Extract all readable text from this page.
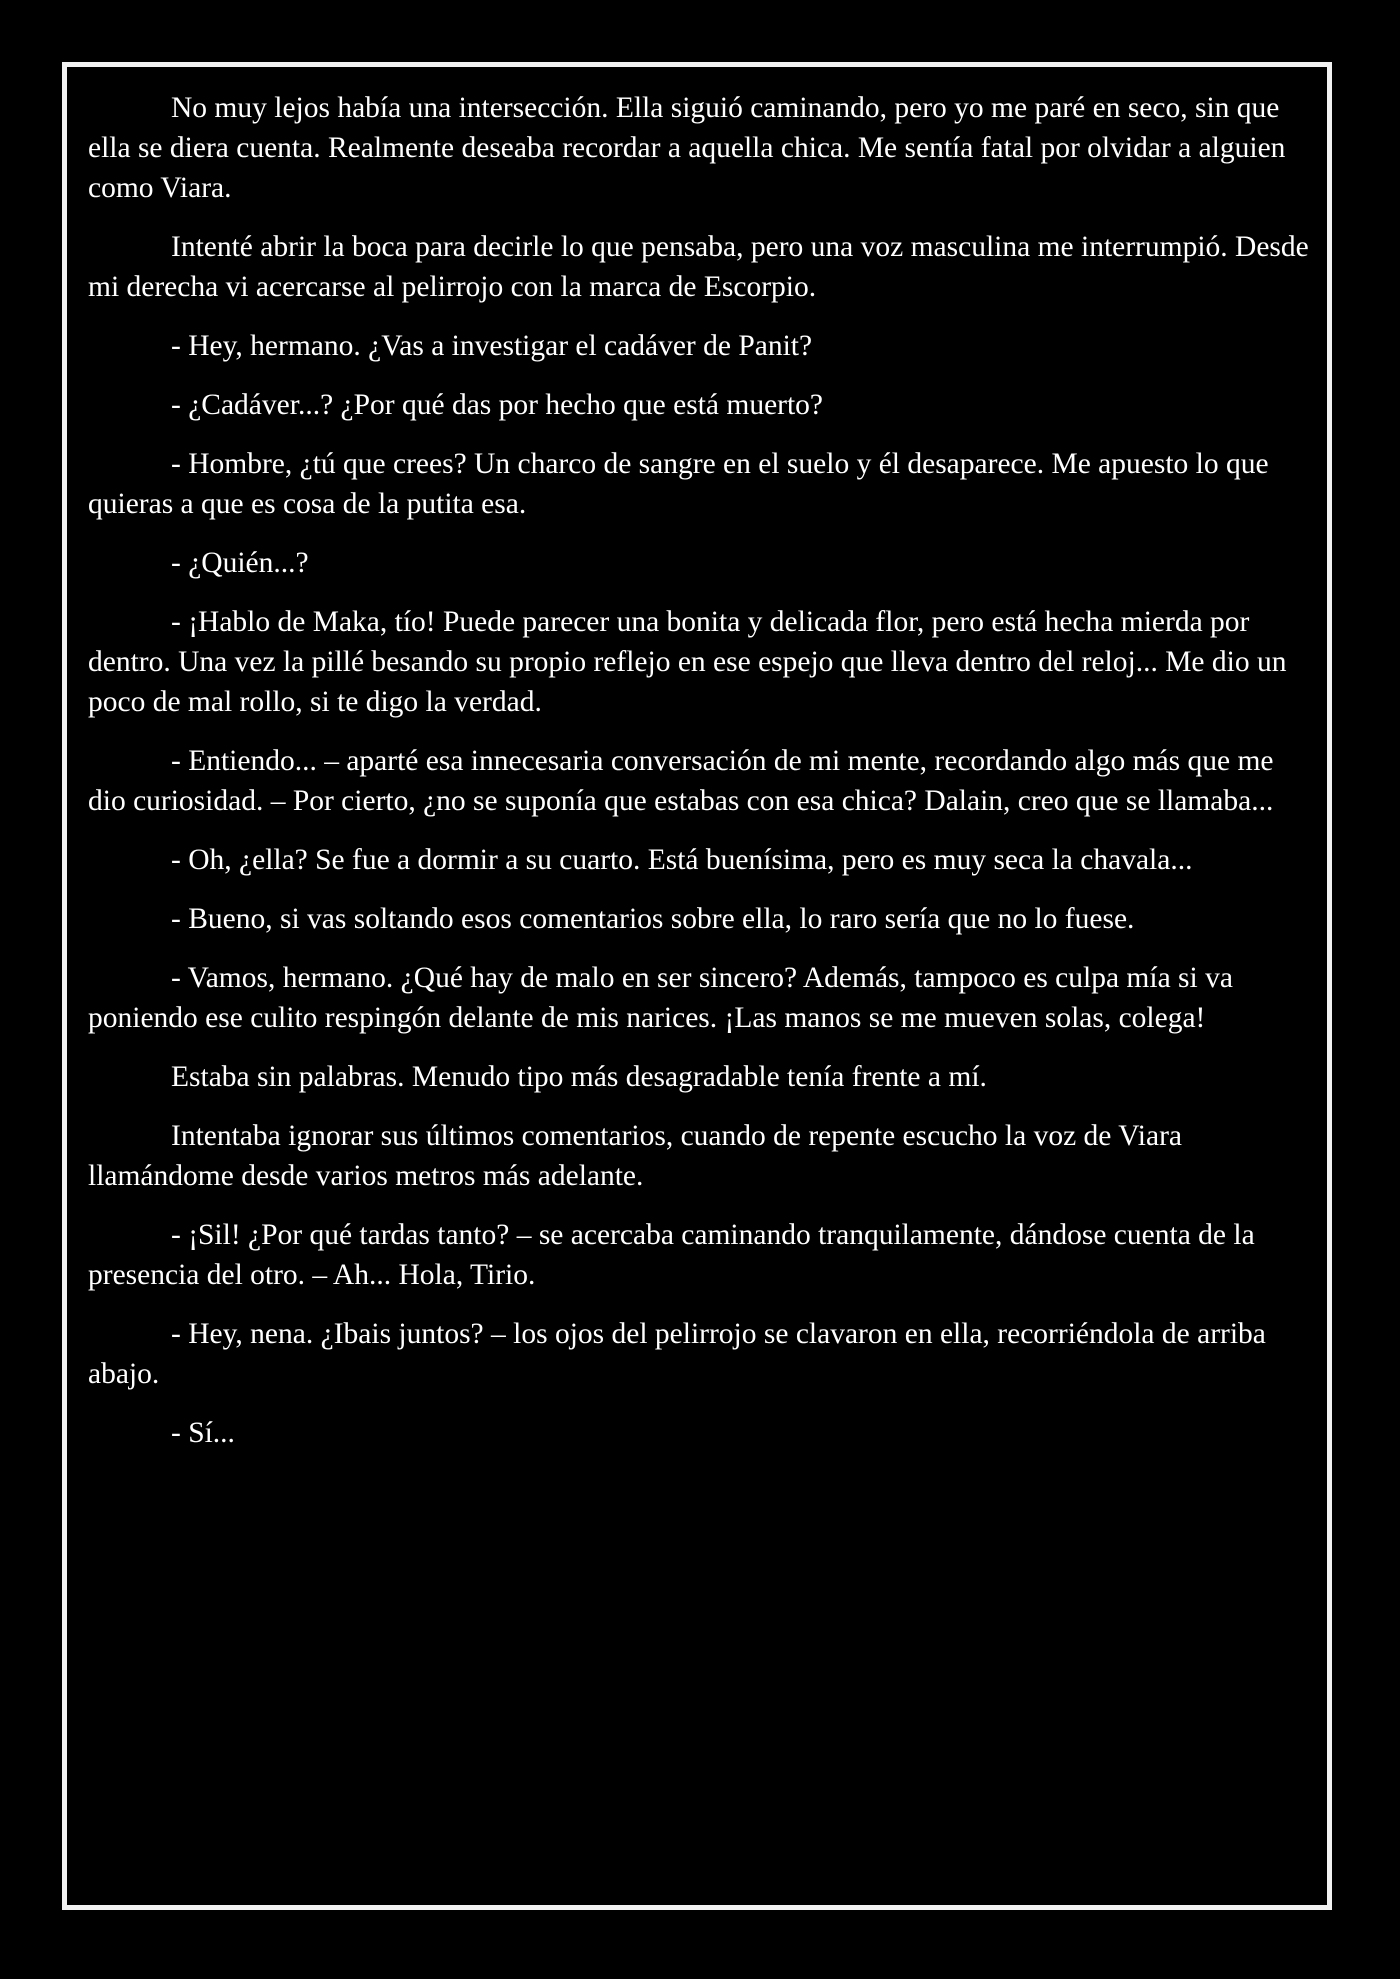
No muy lejos había una intersección. Ella siguió caminando, pero yo me paré en seco, sin que ella se diera cuenta. Realmente deseaba recordar a aquella chica. Me sentía fatal por olvidar a alguien como Viara.

Intenté abrir la boca para decirle lo que pensaba, pero una voz masculina me interrumpió. Desde mi derecha vi acercarse al pelirrojo con la marca de Escorpio.

- Hey, hermano. ¿Vas a investigar el cadáver de Panit?

- ¿Cadáver...? ¿Por qué das por hecho que está muerto?

- Hombre, ¿tú que crees? Un charco de sangre en el suelo y él desaparece. Me apuesto lo que quieras a que es cosa de la putita esa.

- ¿Quién...?

- ¡Hablo de Maka, tío! Puede parecer una bonita y delicada flor, pero está hecha mierda por dentro. Una vez la pillé besando su propio reflejo en ese espejo que lleva dentro del reloj... Me dio un poco de mal rollo, si te digo la verdad.

- Entiendo... – aparté esa innecesaria conversación de mi mente, recordando algo más que me dio curiosidad. – Por cierto, ¿no se suponía que estabas con esa chica? Dalain, creo que se llamaba...

- Oh, ¿ella? Se fue a dormir a su cuarto. Está buenísima, pero es muy seca la chavala...

- Bueno, si vas soltando esos comentarios sobre ella, lo raro sería que no lo fuese.

- Vamos, hermano. ¿Qué hay de malo en ser sincero? Además, tampoco es culpa mía si va poniendo ese culito respingón delante de mis narices. ¡Las manos se me mueven solas, colega!

Estaba sin palabras. Menudo tipo más desagradable tenía frente a mí.

Intentaba ignorar sus últimos comentarios, cuando de repente escucho la voz de Viara llamándome desde varios metros más adelante.

- ¡Sil! ¿Por qué tardas tanto? – se acercaba caminando tranquilamente, dándose cuenta de la presencia del otro. – Ah... Hola, Tirio.

- Hey, nena. ¿Ibais juntos? – los ojos del pelirrojo se clavaron en ella, recorriéndola de arriba abajo.

- Sí...
